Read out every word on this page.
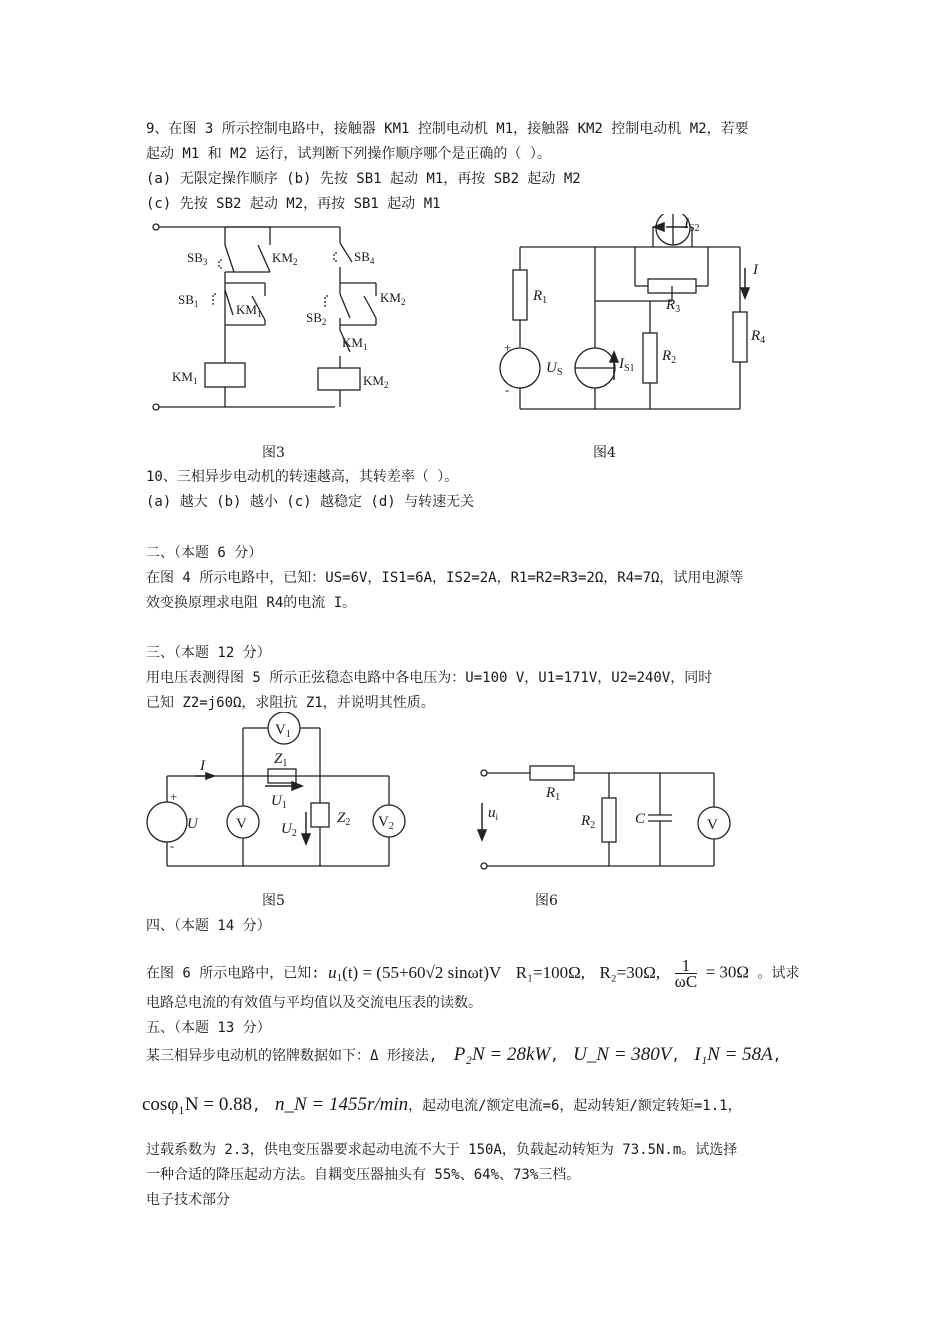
9、在图 3 所示控制电路中，接触器 KM1 控制电动机 M1，接触器 KM2 控制电动机 M2，若要
起动 M1 和 M2 运行，试判断下列操作顺序哪个是正确的（ ）。
(a) 无限定操作顺序 (b) 先按 SB1 起动 M1，再按 SB2 起动 M2
(c) 先按 SB2 起动 M2，再按 SB1 起动 M1
$SB_3$	$KM_2$	$SB_4$
$SB_1$	$KM_1$	$SB_2$
$KM_2$
$KM_1$
$KM_1$	$KM_2$
图3
$I_{S2}$
I
$R_1$	$R_3$
$R_4$
$R_2$
$U_S$
$I_{S1}$
+
-
图4
10、三相异步电动机的转速越高，其转差率（ ）。
(a) 越大 (b) 越小 (c) 越稳定 (d) 与转速无关
二、（本题 6 分）
在图 4 所示电路中，已知：US=6V，IS1=6A，IS2=2A，R1=R2=R3=2Ω，R4=7Ω，试用电源等
效变换原理求电阻 R4的电流 I。
三、（本题 12 分）
用电压表测得图 5 所示正弦稳态电路中各电压为：U=100 V，U1=171V，U2=240V，同时
已知 Z2=j60Ω，求阻抗 Z1，并说明其性质。
$V_1$
$Z_1$
I
$U_1$
U	V $U_2$
$Z_2$ $V_2$
+
-
图5
$R_1$
$u_i$	$R_2$	C	V
图6
四、（本题 14 分）
在图 6 所示电路中，已知: $u_1(t) = (55+60√2$ sinωt)V R₁=100Ω, R₂=30Ω, $\frac{1}{\omega C} = 30\Omega$ 。试求
电路总电流的有效值与平均值以及交流电压表的读数。
五、（本题 13 分）
某三相异步电动机的铭牌数据如下：Δ 形接法, P₂N = 28kW, U_N = 380V, I₁N = 58A,
cosφ₁N = 0.88, n_N = 1455r/min，起动电流/额定电流=6，起动转矩/额定转矩=1.1，
过载系数为 2.3，供电变压器要求起动电流不大于 150A，负载起动转矩为 73.5N.m。试选择
一种合适的降压起动方法。自耦变压器抽头有 55%、64%、73%三档。
电子技术部分
